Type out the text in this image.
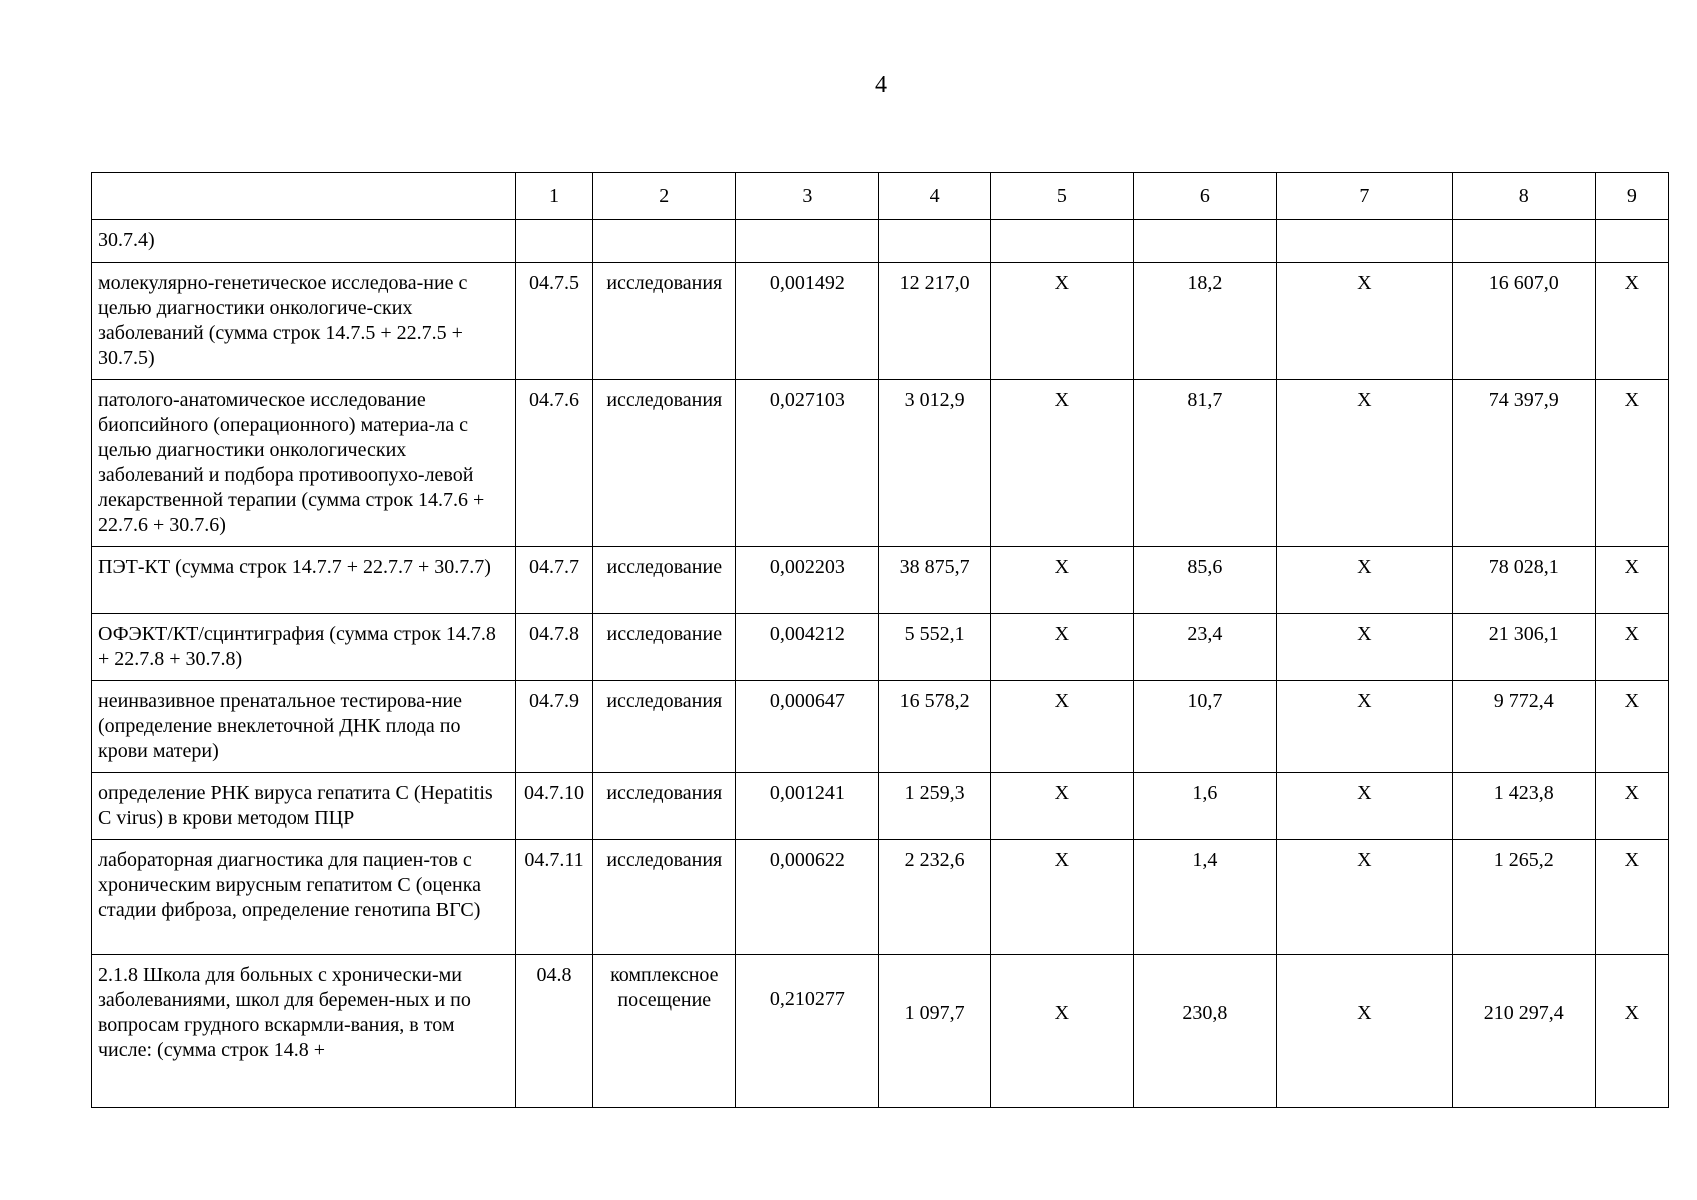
4
	1	2	3	4	5	6	7	8	9
30.7.4)									
молекулярно-генетическое исследова-ние с целью диагностики онкологиче-ских заболеваний (сумма строк 14.7.5 + 22.7.5 + 30.7.5)	04.7.5	исследования	0,001492	12 217,0	X	18,2	X	16 607,0	X
патолого-анатомическое исследование биопсийного (операционного) материа-ла с целью диагностики онкологических заболеваний и подбора противоопухо-левой лекарственной терапии (сумма строк 14.7.6 + 22.7.6 + 30.7.6)	04.7.6	исследования	0,027103	3 012,9	X	81,7	X	74 397,9	X
ПЭТ-КТ (сумма строк 14.7.7 + 22.7.7 + 30.7.7)	04.7.7	исследование	0,002203	38 875,7	X	85,6	X	78 028,1	X
ОФЭКТ/КТ/сцинтиграфия (сумма строк 14.7.8 + 22.7.8 + 30.7.8)	04.7.8	исследование	0,004212	5 552,1	X	23,4	X	21 306,1	X
неинвазивное пренатальное тестирова-ние (определение внеклеточной ДНК плода по крови матери)	04.7.9	исследования	0,000647	16 578,2	X	10,7	X	9 772,4	X
определение РНК вируса гепатита С (Hepatitis C virus) в крови методом ПЦР	04.7.10	исследования	0,001241	1 259,3	X	1,6	X	1 423,8	X
лабораторная диагностика для пациен-тов с хроническим вирусным гепатитом С (оценка стадии фиброза, определение генотипа ВГС)	04.7.11	исследования	0,000622	2 232,6	X	1,4	X	1 265,2	X
2.1.8 Школа для больных с хронически-ми заболеваниями, школ для беремен-ных и по вопросам грудного вскармли-вания, в том числе: (сумма строк 14.8 +	04.8	комплексное посещение	0,210277	1 097,7	X	230,8	X	210 297,4	X
